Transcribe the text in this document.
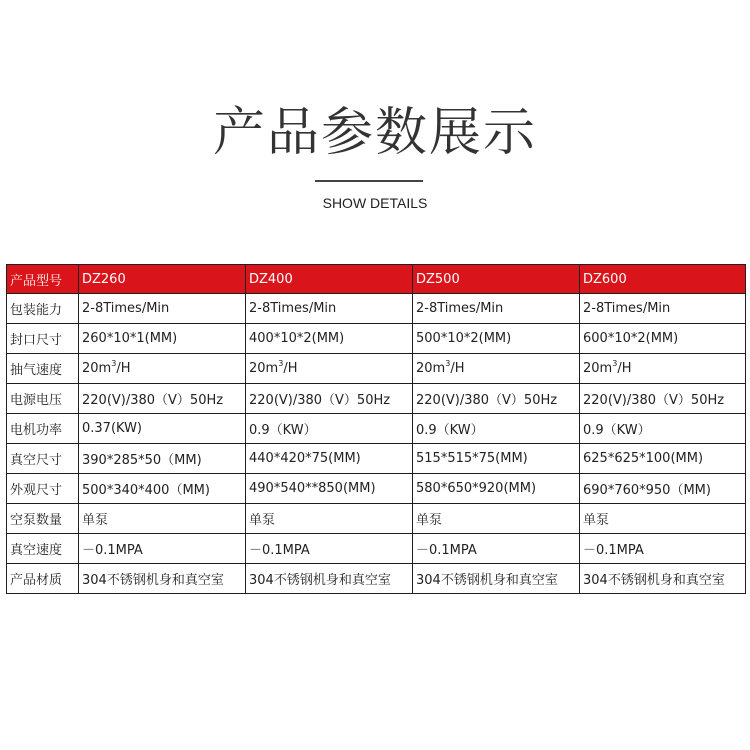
产品参数展示
SHOW DETAILS
产品型号	DZ260	DZ400	DZ500	DZ600
包装能力	2-8Times/Min	2-8Times/Min	2-8Times/Min	2-8Times/Min
封口尺寸	260*10*1(MM)	400*10*2(MM)	500*10*2(MM)	600*10*2(MM)
抽气速度	$20m^3/H$	$20m^3/H$	$20m^3/H$	$20m^3/H$
电源电压	220(V)/380（V）50Hz	220(V)/380（V）50Hz	220(V)/380（V）50Hz	220(V)/380（V）50Hz
电机功率	0.37(KW)	0.9（KW）	0.9（KW）	0.9（KW）
真空尺寸	390*285*50（MM)	440*420*75(MM)	515*515*75(MM)	625*625*100(MM)
外观尺寸	500*340*400（MM)	490*540**850(MM)	580*650*920(MM)	690*760*950（MM)
空泵数量	单泵	单泵	单泵	单泵
真空速度	－0.1MPA	－0.1MPA	－0.1MPA	－0.1MPA
产品材质	304不锈钢机身和真空室	304不锈钢机身和真空室	304不锈钢机身和真空室	304不锈钢机身和真空室
